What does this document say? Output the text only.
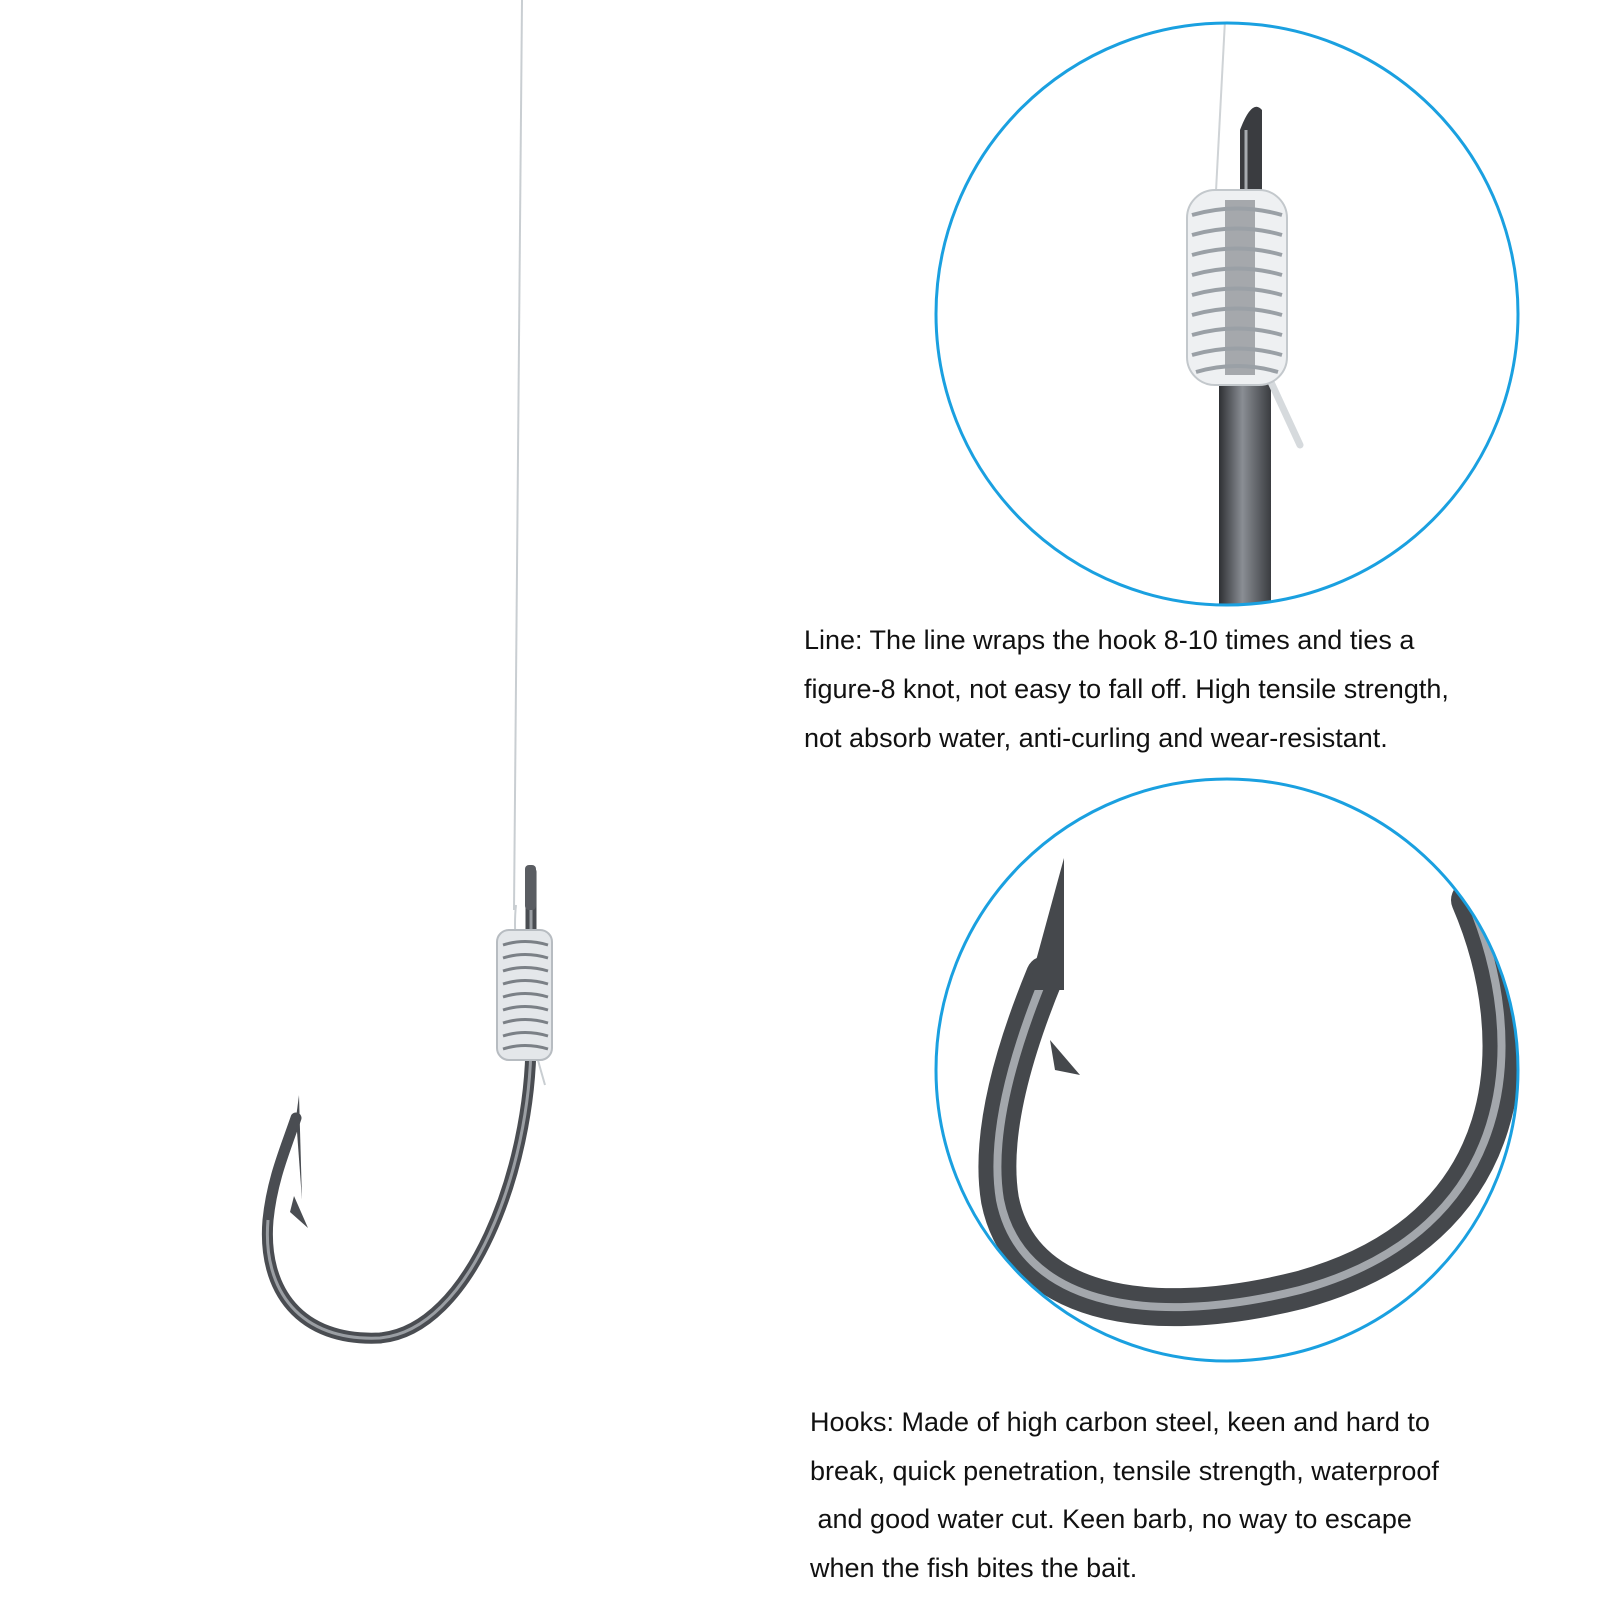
Line: The line wraps the hook 8-10 times and ties a
figure-8 knot, not easy to fall off. High tensile strength,
not absorb water, anti-curling and wear-resistant.

Hooks: Made of high carbon steel, keen and hard to
break, quick penetration, tensile strength, waterproof
and good water cut. Keen barb, no way to escape
when the fish bites the bait.
